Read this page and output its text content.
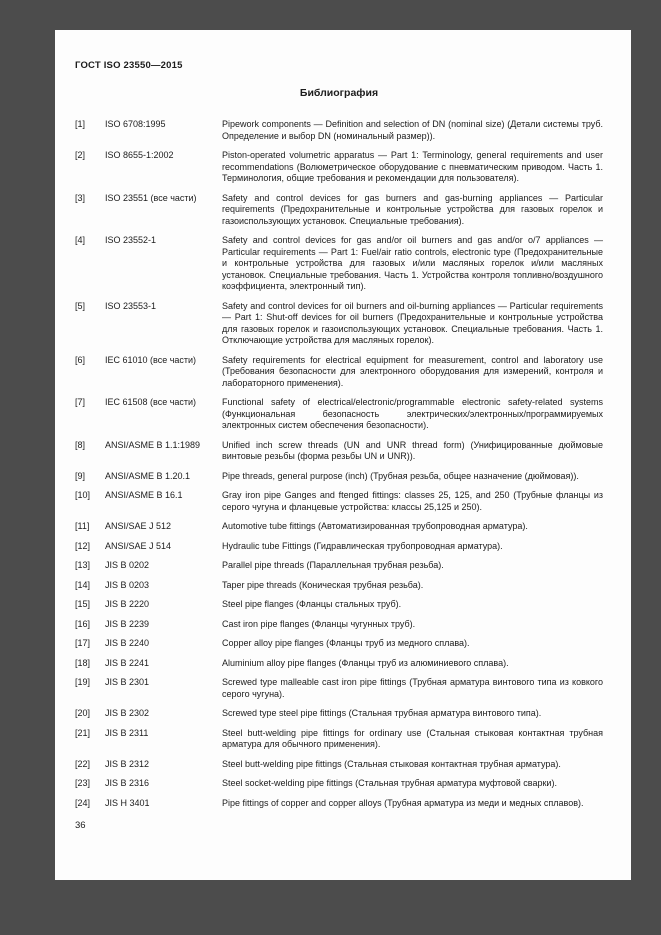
ГОСТ ISO 23550—2015
Библиография
[1]	ISO 6708:1995	Pipework components — Definition and selection of DN (nominal size) (Детали системы труб. Определение и выбор DN (номинальный размер)).
[2]	ISO 8655-1:2002	Piston-operated volumetric apparatus — Part 1: Terminology, general requirements and user recommendations (Волюметрическое оборудование с пневматическим приводом. Часть 1. Терминология, общие требования и рекомендации для пользователя).
[3]	ISO 23551 (все части)	Safety and control devices for gas burners and gas-burning appliances — Particular requirements (Предохранительные и контрольные устройства для газовых горелок и газоиспользующих установок. Специальные требования).
[4]	ISO 23552-1	Safety and control devices for gas and/or oil burners and gas and/or o/7 appliances — Particular requirements — Part 1: Fuel/air ratio controls, electronic type (Предохранительные и контрольные устройства для газовых и/или масляных горелок и/или масляных установок. Специальные требования. Часть 1. Устройства контроля топливно/воздушного коэффициента, электронный тип).
[5]	ISO 23553-1	Safety and control devices for oil burners and oil-burning appliances — Particular requirements — Part 1: Shut-off devices for oil burners (Предохранительные и контрольные устройства для газовых горелок и газоиспользующих установок. Специальные требования. Часть 1. Отключающие устройства для масляных горелок).
[6]	IEC 61010 (все части)	Safety requirements for electrical equipment for measurement, control and laboratory use (Требования безопасности для электронного оборудования для измерений, контроля и лабораторного применения).
[7]	IEC 61508 (все части)	Functional safety of electrical/electronic/programmable electronic safety-related systems (Функциональная безопасность электрических/электронных/программируемых электронных систем обеспечения безопасности).
[8]	ANSI/ASME B 1.1:1989	Unified inch screw threads (UN and UNR thread form) (Унифицированные дюймовые винтовые резьбы (форма резьбы UN и UNR)).
[9]	ANSI/ASME B 1.20.1	Pipe threads, general purpose (inch) (Трубная резьба, общее назначение (дюймовая)).
[10]	ANSI/ASME B 16.1	Gray iron pipe Ganges and ftenged fittings: classes 25, 125, and 250 (Трубные фланцы из серого чугуна и фланцевые устройства: классы 25,125 и 250).
[11]	ANSI/SAE J 512	Automotive tube fittings (Автоматизированная трубопроводная арматура).
[12]	ANSI/SAE J 514	Hydraulic tube Fittings (Гидравлическая трубопроводная арматура).
[13]	JIS B 0202	Parallel pipe threads (Параллельная трубная резьба).
[14]	JIS B 0203	Taper pipe threads (Коническая трубная резьба).
[15]	JIS B 2220	Steel pipe flanges (Фланцы стальных труб).
[16]	JIS B 2239	Cast iron pipe flanges (Фланцы чугунных труб).
[17]	JIS B 2240	Copper alloy pipe flanges (Фланцы труб из медного сплава).
[18]	JIS B 2241	Aluminium alloy pipe flanges (Фланцы труб из алюминиевого сплава).
[19]	JIS B 2301	Screwed type malleable cast iron pipe fittings (Трубная арматура винтового типа из ковкого серого чугуна).
[20]	JIS B 2302	Screwed type steel pipe fittings (Стальная трубная арматура винтового типа).
[21]	JIS B 2311	Steel butt-welding pipe fittings for ordinary use (Стальная стыковая контактная трубная арматура для обычного применения).
[22]	JIS B 2312	Steel butt-welding pipe fittings (Стальная стыковая контактная трубная арматура).
[23]	JIS B 2316	Steel socket-welding pipe fittings (Стальная трубная арматура муфтовой сварки).
[24]	JIS H 3401	Pipe fittings of copper and copper alloys (Трубная арматура из меди и медных сплавов).
36
